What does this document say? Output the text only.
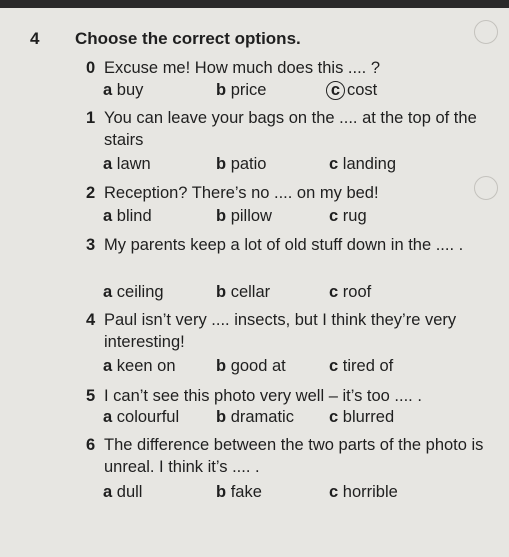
4 Choose the correct options.
0 Excuse me! How much does this .... ?
a buy	b price	c cost
1 You can leave your bags on the .... at the top of the stairs
a lawn	b patio	c landing
2 Reception? There’s no .... on my bed!
a blind	b pillow	c rug
3 My parents keep a lot of old stuff down in the .... .
a ceiling	b cellar	c roof
4 Paul isn’t very .... insects, but I think they’re very interesting!
a keen on b good at	c tired of
5 I can’t see this photo very well – it’s too .... .
a colourful b dramatic c blurred
6 The difference between the two parts of the photo is unreal. I think it’s .... .
a dull	b fake	c horrible
